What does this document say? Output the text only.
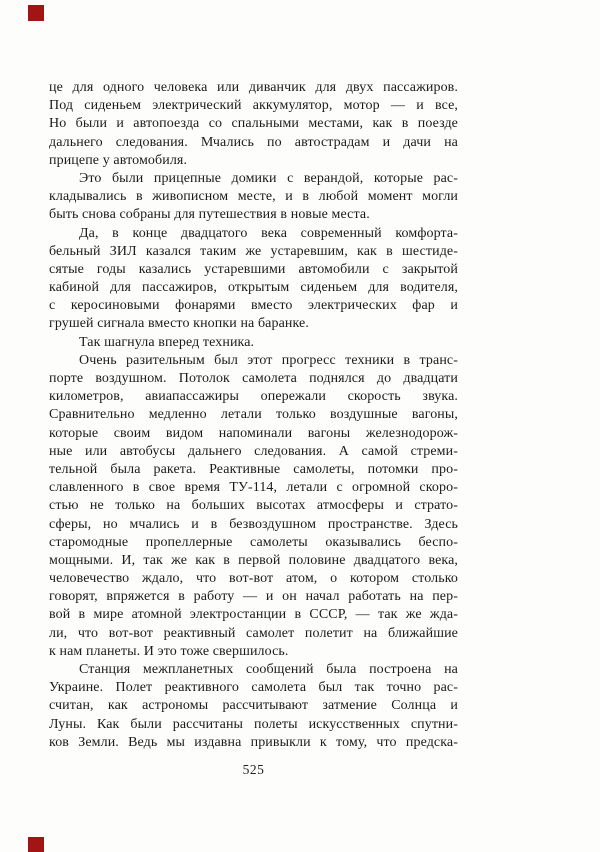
це для одного человека или диванчик для двух пассажиров.
Под сиденьем электрический аккумулятор, мотор — и все,
Но были и автопоезда со спальными местами, как в поезде
дальнего следования. Мчались по автострадам и дачи на
прицепе у автомобиля.
Это были прицепные домики с верандой, которые рас-
кладывались в живописном месте, и в любой момент могли
быть снова собраны для путешествия в новые места.
Да, в конце двадцатого века современный комфорта-
бельный ЗИЛ казался таким же устаревшим, как в шестиде-
сятые годы казались устаревшими автомобили с закрытой
кабиной для пассажиров, открытым сиденьем для водителя,
с керосиновыми фонарями вместо электрических фар и
грушей сигнала вместо кнопки на баранке.
Так шагнула вперед техника.
Очень разительным был этот прогресс техники в транс-
порте воздушном. Потолок самолета поднялся до двадцати
километров, авиапассажиры опережали скорость звука.
Сравнительно медленно летали только воздушные вагоны,
которые своим видом напоминали вагоны железнодорож-
ные или автобусы дальнего следования. А самой стреми-
тельной была ракета. Реактивные самолеты, потомки про-
славленного в свое время ТУ-114, летали с огромной скоро-
стью не только на больших высотах атмосферы и страто-
сферы, но мчались и в безвоздушном пространстве. Здесь
старомодные пропеллерные самолеты оказывались беспо-
мощными. И, так же как в первой половине двадцатого века,
человечество ждало, что вот-вот атом, о котором столько
говорят, впряжется в работу — и он начал работать на пер-
вой в мире атомной электростанции в СССР, — так же жда-
ли, что вот-вот реактивный самолет полетит на ближайшие
к нам планеты. И это тоже свершилось.
Станция межпланетных сообщений была построена на
Украине. Полет реактивного самолета был так точно рас-
считан, как астрономы рассчитывают затмение Солнца и
Луны. Как были рассчитаны полеты искусственных спутни-
ков Земли. Ведь мы издавна привыкли к тому, что предска-
525
